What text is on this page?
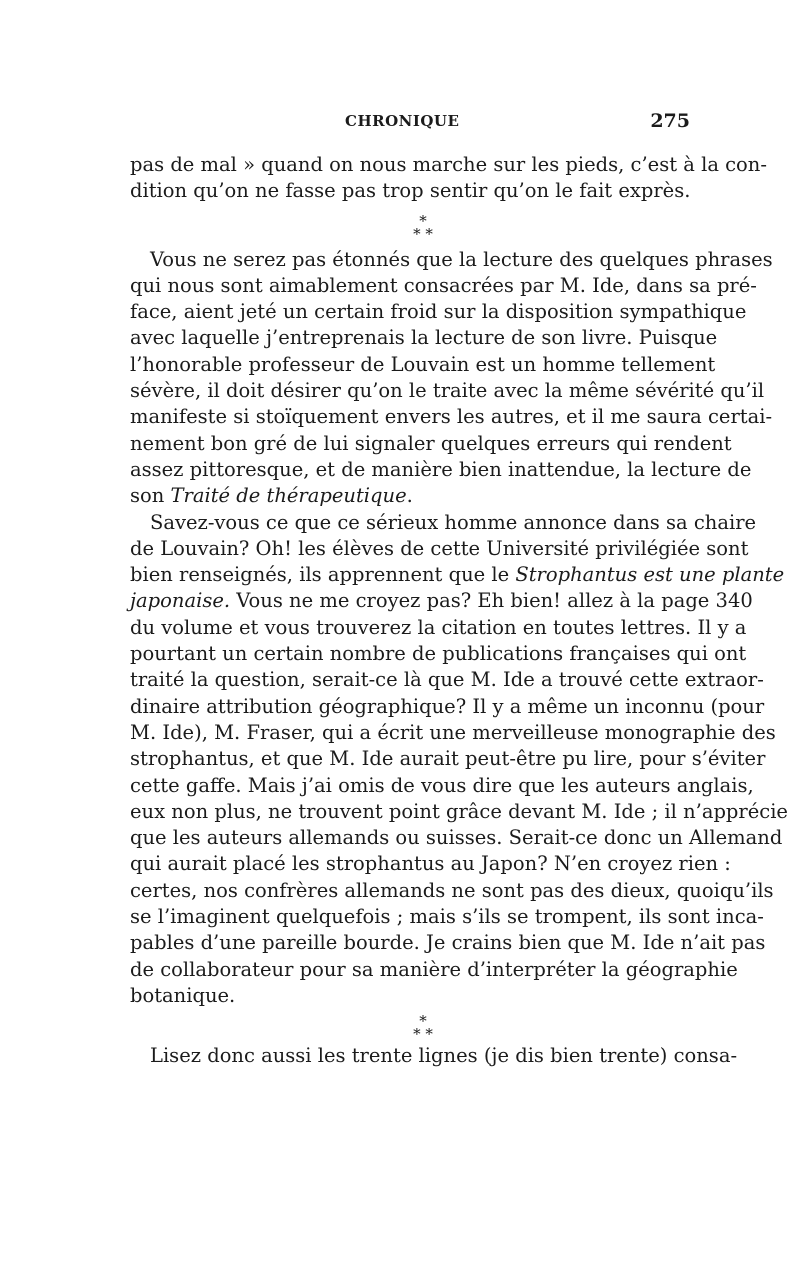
CHRONIQUE	275
pas de mal » quand on nous marche sur les pieds, c’est à la con-
dition qu’on ne fasse pas trop sentir qu’on le fait exprès.
*
* *
Vous ne serez pas étonnés que la lecture des quelques phrases
qui nous sont aimablement consacrées par M. Ide, dans sa pré-
face, aient jeté un certain froid sur la disposition sympathique
avec laquelle j’entreprenais la lecture de son livre. Puisque
l’honorable professeur de Louvain est un homme tellement
sévère, il doit désirer qu’on le traite avec la même sévérité qu’il
manifeste si stoïquement envers les autres, et il me saura certai-
nement bon gré de lui signaler quelques erreurs qui rendent
assez pittoresque, et de manière bien inattendue, la lecture de
son Traité de thérapeutique.
Savez-vous ce que ce sérieux homme annonce dans sa chaire
de Louvain? Oh! les élèves de cette Université privilégiée sont
bien renseignés, ils apprennent que le Strophantus est une plante
japonaise. Vous ne me croyez pas? Eh bien! allez à la page 340
du volume et vous trouverez la citation en toutes lettres. Il y a
pourtant un certain nombre de publications françaises qui ont
traité la question, serait-ce là que M. Ide a trouvé cette extraor-
dinaire attribution géographique? Il y a même un inconnu (pour
M. Ide), M. Fraser, qui a écrit une merveilleuse monographie des
strophantus, et que M. Ide aurait peut-être pu lire, pour s’éviter
cette gaffe. Mais j’ai omis de vous dire que les auteurs anglais,
eux non plus, ne trouvent point grâce devant M. Ide ; il n’apprécie
que les auteurs allemands ou suisses. Serait-ce donc un Allemand
qui aurait placé les strophantus au Japon? N’en croyez rien :
certes, nos confrères allemands ne sont pas des dieux, quoiqu’ils
se l’imaginent quelquefois ; mais s’ils se trompent, ils sont inca-
pables d’une pareille bourde. Je crains bien que M. Ide n’ait pas
de collaborateur pour sa manière d’interpréter la géographie
botanique.
*
* *
Lisez donc aussi les trente lignes (je dis bien trente) consa-
